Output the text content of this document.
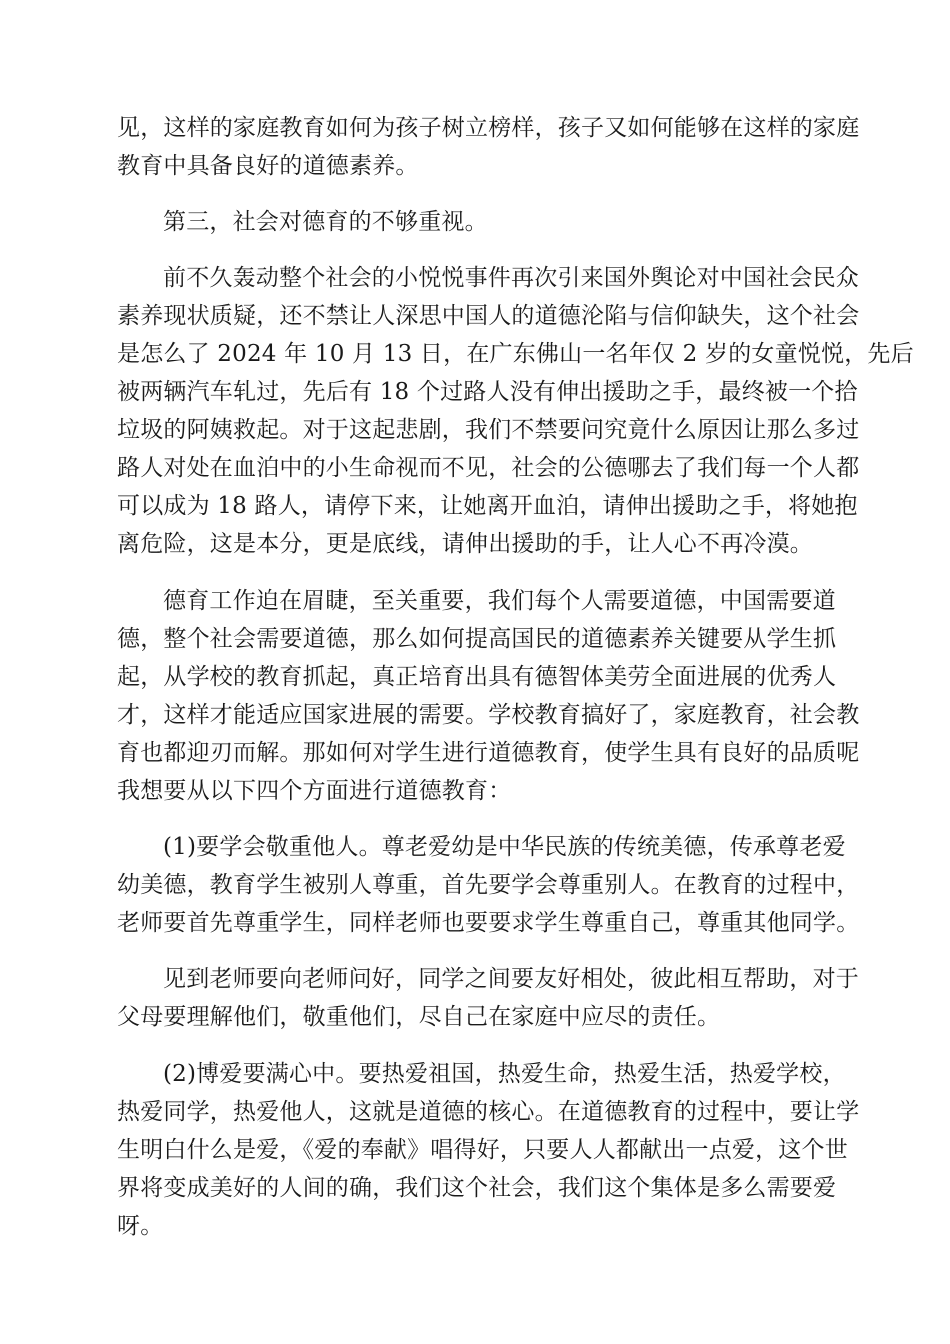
见，这样的家庭教育如何为孩子树立榜样，孩子又如何能够在这样的家庭
教育中具备良好的道德素养。

第三，社会对德育的不够重视。

前不久轰动整个社会的小悦悦事件再次引来国外舆论对中国社会民众
素养现状质疑，还不禁让人深思中国人的道德沦陷与信仰缺失，这个社会
是怎么了 2024 年 10 月 13 日，在广东佛山一名年仅 2 岁的女童悦悦，先后
被两辆汽车轧过，先后有 18 个过路人没有伸出援助之手，最终被一个拾
垃圾的阿姨救起。对于这起悲剧，我们不禁要问究竟什么原因让那么多过
路人对处在血泊中的小生命视而不见，社会的公德哪去了我们每一个人都
可以成为 18 路人，请停下来，让她离开血泊，请伸出援助之手，将她抱
离危险，这是本分，更是底线，请伸出援助的手，让人心不再冷漠。

德育工作迫在眉睫，至关重要，我们每个人需要道德，中国需要道
德，整个社会需要道德，那么如何提高国民的道德素养关键要从学生抓
起，从学校的教育抓起，真正培育出具有德智体美劳全面进展的优秀人
才，这样才能适应国家进展的需要。学校教育搞好了，家庭教育，社会教
育也都迎刃而解。那如何对学生进行道德教育，使学生具有良好的品质呢
我想要从以下四个方面进行道德教育：

(1)要学会敬重他人。尊老爱幼是中华民族的传统美德，传承尊老爱
幼美德，教育学生被别人尊重，首先要学会尊重别人。在教育的过程中，
老师要首先尊重学生，同样老师也要要求学生尊重自己，尊重其他同学。

见到老师要向老师问好，同学之间要友好相处，彼此相互帮助，对于
父母要理解他们，敬重他们，尽自己在家庭中应尽的责任。

(2)博爱要满心中。要热爱祖国，热爱生命，热爱生活，热爱学校，
热爱同学，热爱他人，这就是道德的核心。在道德教育的过程中，要让学
生明白什么是爱，《爱的奉献》唱得好，只要人人都献出一点爱，这个世
界将变成美好的人间的确，我们这个社会，我们这个集体是多么需要爱
呀。
